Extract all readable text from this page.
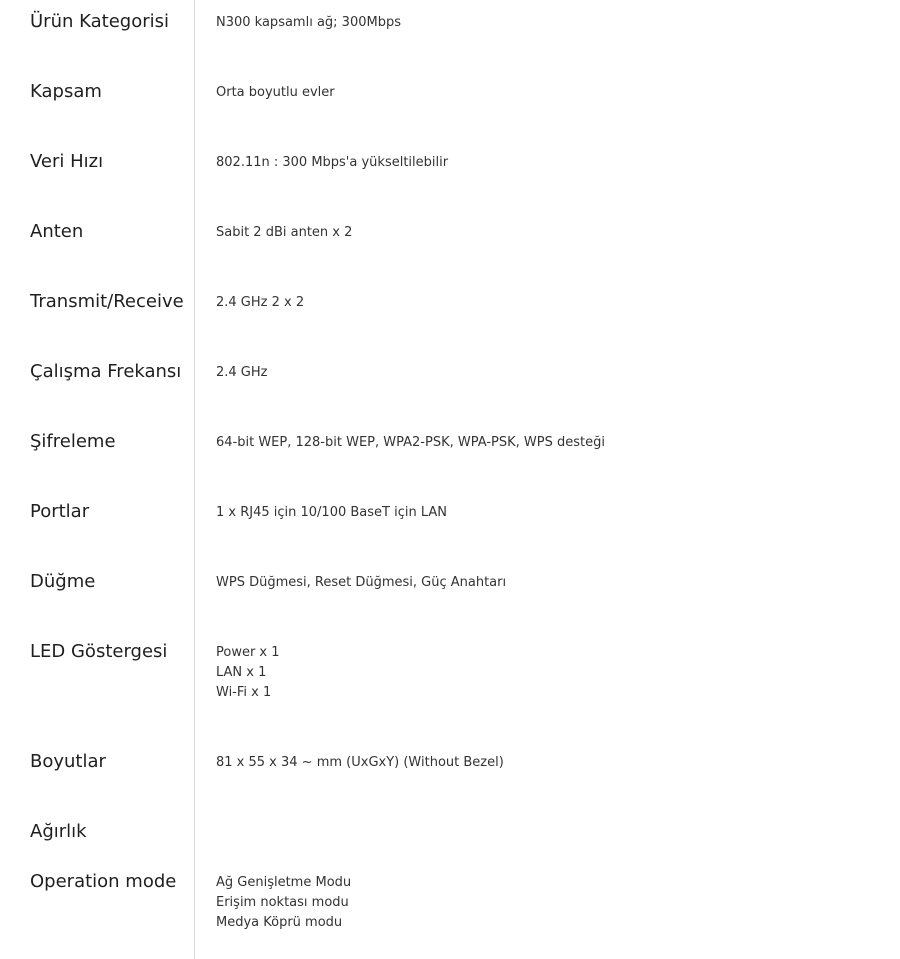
Ürün Kategorisi	N300 kapsamlı ağ; 300Mbps
Kapsam	Orta boyutlu evler
Veri Hızı	802.11n : 300 Mbps'a yükseltilebilir
Anten	Sabit 2 dBi anten x 2
Transmit/Receive 2.4 GHz 2 x 2
Çalışma Frekansı	2.4 GHz
Şifreleme	64-bit WEP, 128-bit WEP, WPA2-PSK, WPA-PSK, WPS desteği
Portlar	1 x RJ45 için 10/100 BaseT için LAN
Düğme	WPS Düğmesi, Reset Düğmesi, Güç Anahtarı
LED Göstergesi	Power x 1
LAN x 1
Wi-Fi x 1
Boyutlar	81 x 55 x 34 ~ mm (UxGxY) (Without Bezel)
Ağırlık
Operation mode	Ağ Genişletme Modu
Erişim noktası modu
Medya Köprü modu
